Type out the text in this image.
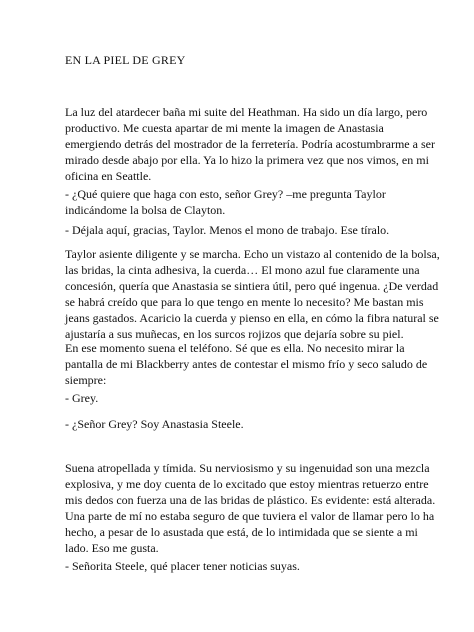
EN LA PIEL DE GREY

La luz del atardecer baña mi suite del Heathman. Ha sido un día largo, pero
productivo. Me cuesta apartar de mi mente la imagen de Anastasia
emergiendo detrás del mostrador de la ferretería. Podría acostumbrarme a ser
mirado desde abajo por ella. Ya lo hizo la primera vez que nos vimos, en mi
oficina en Seattle.

- ¿Qué quiere que haga con esto, señor Grey? –me pregunta Taylor
indicándome la bolsa de Clayton.

- Déjala aquí, gracias, Taylor. Menos el mono de trabajo. Ese tíralo.

Taylor asiente diligente y se marcha. Echo un vistazo al contenido de la bolsa,
las bridas, la cinta adhesiva, la cuerda… El mono azul fue claramente una
concesión, quería que Anastasia se sintiera útil, pero qué ingenua. ¿De verdad
se habrá creído que para lo que tengo en mente lo necesito? Me bastan mis
jeans gastados. Acaricio la cuerda y pienso en ella, en cómo la fibra natural se
ajustaría a sus muñecas, en los surcos rojizos que dejaría sobre su piel.

En ese momento suena el teléfono. Sé que es ella. No necesito mirar la
pantalla de mi Blackberry antes de contestar el mismo frío y seco saludo de
siempre:

- Grey.

- ¿Señor Grey? Soy Anastasia Steele.

Suena atropellada y tímida. Su nerviosismo y su ingenuidad son una mezcla
explosiva, y me doy cuenta de lo excitado que estoy mientras retuerzo entre
mis dedos con fuerza una de las bridas de plástico. Es evidente: está alterada.
Una parte de mí no estaba seguro de que tuviera el valor de llamar pero lo ha
hecho, a pesar de lo asustada que está, de lo intimidada que se siente a mi
lado. Eso me gusta.

- Señorita Steele, qué placer tener noticias suyas.
